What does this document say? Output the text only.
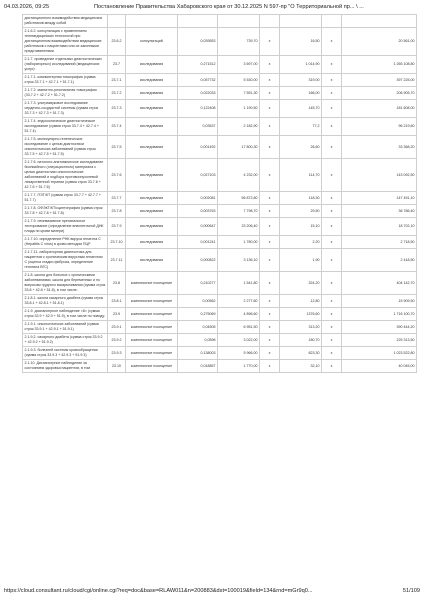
04.03.2026, 09:25	Постановление Правительства Хабаровского края от 30.12.2025 N 597-пр "О Территориальной пр... \ ...
дистанционного взаимодействия медицинских работников между собой								
2.1.6.2. консультация с применением телемедицинских технологий при дистанционном взаимодействии медицинских работников с пациентами или их законными представителями	23.6.2	консультаций	0,039553	739,70	x	16,50	x	20 561,00
2.1.7. проведение отдельных диагностических (лабораторных) исследований (медицинских услуг):	23.7	исследования	0,271512	3 697,00	x	1 014,90	x	1 265 108,80
2.1.7.1. компьютерная томография (сумма строк 33.7.1 + 42.7.1 + 51.7.1)	23.7.1	исследования	0,057732	5 530,00	x	319,00	x	397 225,00
2.1.7.2. магнитно-резонансная томография (33.7.2 + 42.7.2 + 51.7.2)	23.7.2	исследования	0,022033	7 551,30	x	166,00	x	206 905,70
2.1.7.3. ультразвуковое исследование сердечно-сосудистой системы (сумма строк 33.7.3 + 42.7.3 + 51.7.3)	23.7.3	исследования	0,122408	1 190,50	x	145,70	x	181 608,00
2.1.7.4. эндоскопическое диагностическое исследование (сумма строк 33.7.4 + 42.7.4 + 51.7.4)	23.7.4	исследования	0,03537	2 182,90	x	77,2	x	96 219,60
2.1.7.5. молекулярно-генетическое исследование с целью диагностики онкологических заболеваний (сумма строк 33.7.5 + 42.7.5 + 51.7.5)	23.7.5	исследования	0,001492	17 800,30	x	26,60	x	33 368,20
2.1.7.6. патолого-анатомическое исследование биопсийного (операционного) материала с целью диагностики онкологических заболеваний и подбора противоопухолевой лекарственной терапии (сумма строк 33.7.6 + 42.7.6 + 51.7.6)	23.7.6	исследования	0,027103	4 232,00	x	114,70	x	143 092,50
2.1.7.7. ПЭТ/КТ (сумма строк 33.7.7 + 42.7.7 + 51.7.7)	23.7.7	исследования	0,002081	56 872,80	x	118,30	x	147 491,10
2.1.7.8. ОФЭКТ/КТ/сцинтиграфия (сумма строк 33.7.8 + 42.7.8 + 51.7.8)	23.7.8	исследования	0,003763	7 798,70	x	29,50	x	36 786,40
2.1.7.9. неинвазивное пренатальное тестирование (определение внеклеточной ДНК плода по крови матери)	23.7.9	исследования	0,000647	23 206,40	x	15,10	x	18 702,10
2.1.7.10. определение РНК вируса гепатита С (Hepatitis C virus) в крови методом ПЦР	23.7.10	исследования	0,001241	1 780,00	x	2,20	x	2 718,50
2.1.7.11. лабораторная диагностика для пациентов с хроническим вирусным гепатитом С (оценка стадии фиброза, определение генотипа ВГС)	23.7.11	исследования	0,000822	3 136,10	x	1,90	x	2 418,50
2.1.8. школа для больных с хроническими заболеваниями, школа для беременных и по вопросам грудного вскармливания (сумма строк 33.8 + 42.8 + 51.8), в том числе:	23.8	комплексное посещение	0,210277	1 541,80	x	324,20	x	404 142,70
2.1.8.1. школа сахарного диабета (сумма строк 33.8.1 + 42.8.1 + 51.8.1)	23.8.1	комплексное посещение	0,00562	2 277,60	x	12,80	x	15 909,50
2.1.9. диспансерное наблюдение <8> (сумма строк 33.9 + 42.9 + 51.9), в том числе по поводу:	23.9	комплексное посещение	0,275069	4 896,60	x	1376,60	x	1 716 100,70
2.1.9.1. онкологических заболеваний (сумма строк 33.9.1 + 42.9.1 + 51.9.1)	23.9.1	комплексное посещение	0,04505	6 951,50	x	313,20	x	390 444,20
2.1.9.2. сахарного диабета (сумма строк 33.9.2 + 42.9.2 + 51.9.2)	23.9.2	комплексное посещение	0,0598	3 022,00	x	180,70	x	225 313,50
2.1.9.3. болезней системы кровообращения (сумма строк 33.9.3 + 42.9.3 + 51.9.3)	23.9.3	комплексное посещение	0,138003	5 966,00	x	823,30	x	1 023 522,80
2.1.10. Диспансерное наблюдение за состоянием здоровья пациентов, в том	23.10	комплексное посещение	0,018857	1 770,00	x	32,10	x	40 045,00
https://cloud.consultant.ru/cloud/cgi/online.cgi?req=doc&base=RLAW011&n=200883&dst=100019&field=134&rnd=mGr9q0...	51/109
